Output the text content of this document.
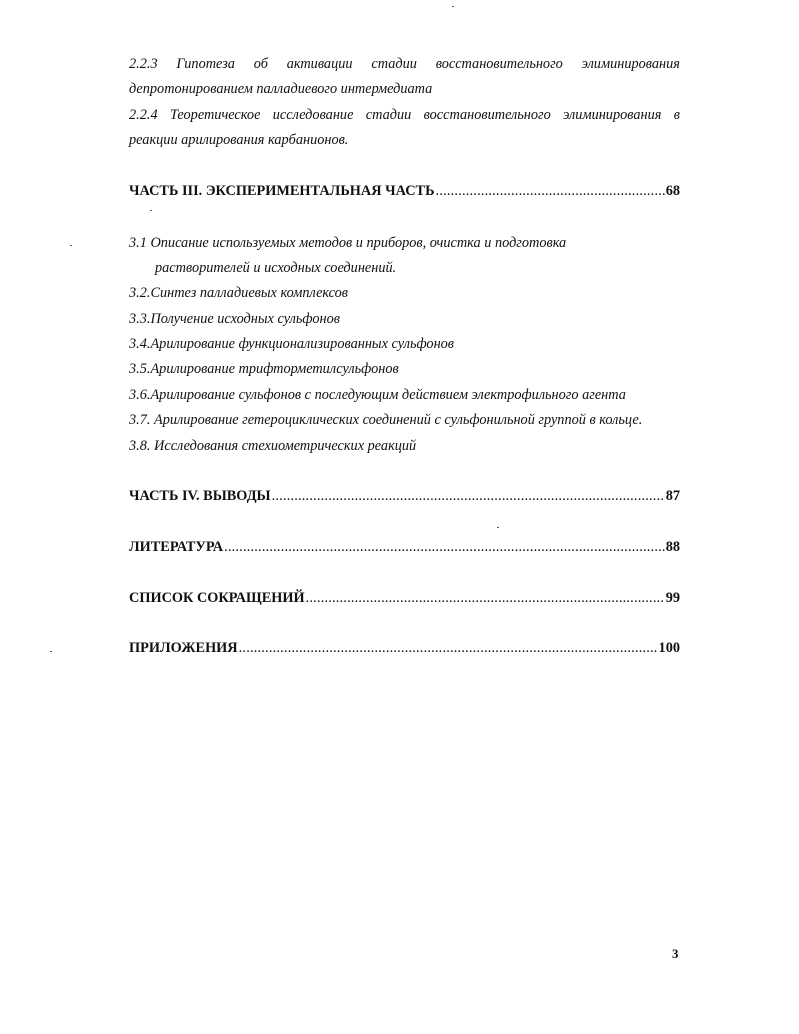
2.2.3 Гипотеза об активации стадии восстановительного элиминирования
депротонированием палладиевого интермедиата
2.2.4 Теоретическое исследование стадии восстановительного элиминирования в
реакции арилирования карбанионов.
ЧАСТЬ III. ЭКСПЕРИМЕНТАЛЬНАЯ ЧАСТЬ .....	68
3.1 Описание используемых методов и приборов, очистка и подготовка
растворителей и исходных соединений.
3.2.Синтез палладиевых комплексов
3.3.Получение исходных сульфонов
3.4.Арилирование функционализированных сульфонов
3.5.Арилирование трифторметилсульфонов
3.6.Арилирование сульфонов с последующим действием электрофильного агента
3.7. Арилирование гетероциклических соединений с сульфонильной группой в кольце.
3.8. Исследования стехиометрических реакций
ЧАСТЬ IV. ВЫВОДЫ .....	87
ЛИТЕРАТУРА .....	88
СПИСОК СОКРАЩЕНИЙ .....	99
ПРИЛОЖЕНИЯ .....	100
3
